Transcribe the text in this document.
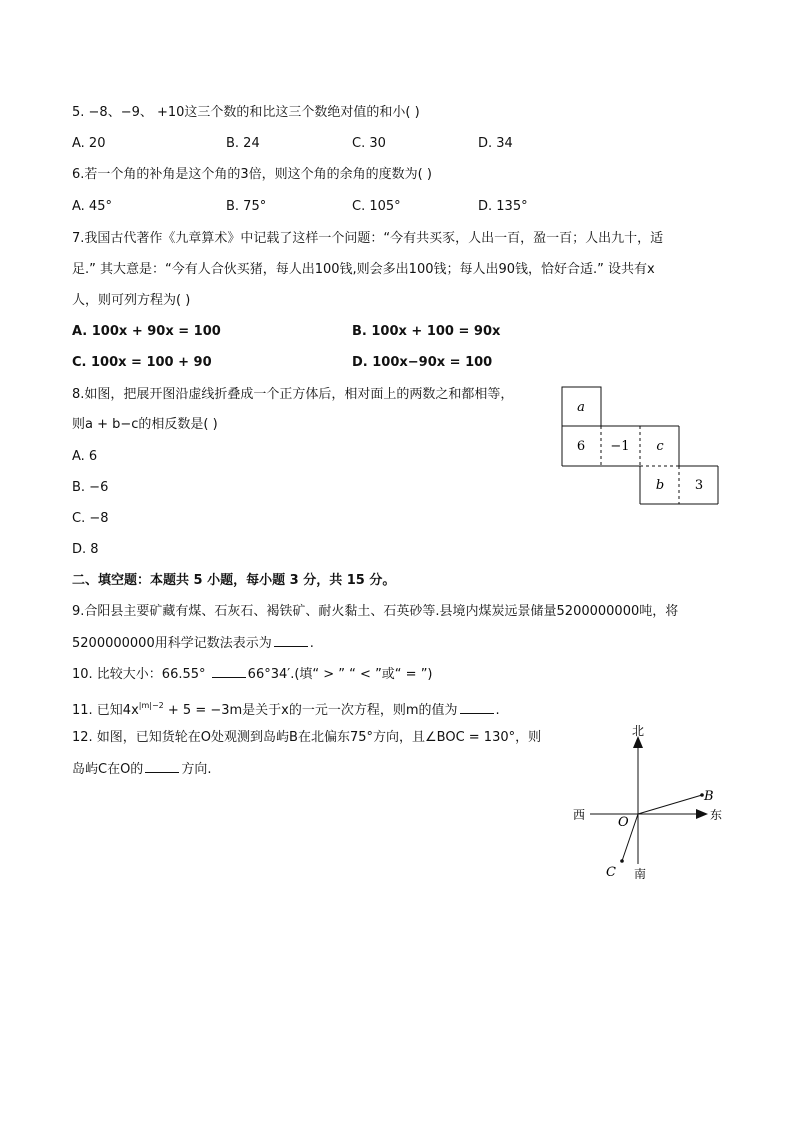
5. −8、−9、 +10这三个数的和比这三个数绝对值的和小( )
A. 20	B. 24	C. 30	D. 34
6.若一个角的补角是这个角的3倍，则这个角的余角的度数为( )
A. 45°	B. 75°	C. 105°	D. 135°
7.我国古代著作《九章算术》中记载了这样一个问题：“今有共买豕，人出一百，盈一百；人出九十，适
足.” 其大意是：“今有人合伙买猪，每人出100钱,则会多出100钱；每人出90钱，恰好合适.” 设共有x
人，则可列方程为( )
A. 100x + 90x = 100	B. 100x + 100 = 90x
C. 100x = 100 + 90	D. 100x−90x = 100
8.如图，把展开图沿虚线折叠成一个正方体后，相对面上的两数之和都相等，
则a + b−c的相反数是( )
A. 6
B. −6
C. −8
D. 8
a
6 −1 c
b 3
二、填空题：本题共 5 小题，每小题 3 分，共 15 分。
9.合阳县主要矿藏有煤、石灰石、褐铁矿、耐火黏土、石英砂等.县境内煤炭远景储量5200000000吨，将
5200000000用科学记数法表示为	.
10. 比较大小：66.55°	66°34′.(填“ > ” “ < ”或“ = ”)
11. 已知$4x^{|m|-2} + 5 = -3m$是关于x的一元一次方程，则m的值为	.
12. 如图，已知货轮在O处观测到岛屿B在北偏东75°方向，且∠BOC = 130°，则
岛屿C在O的	方向.
北
南
东
西	O
B
C
